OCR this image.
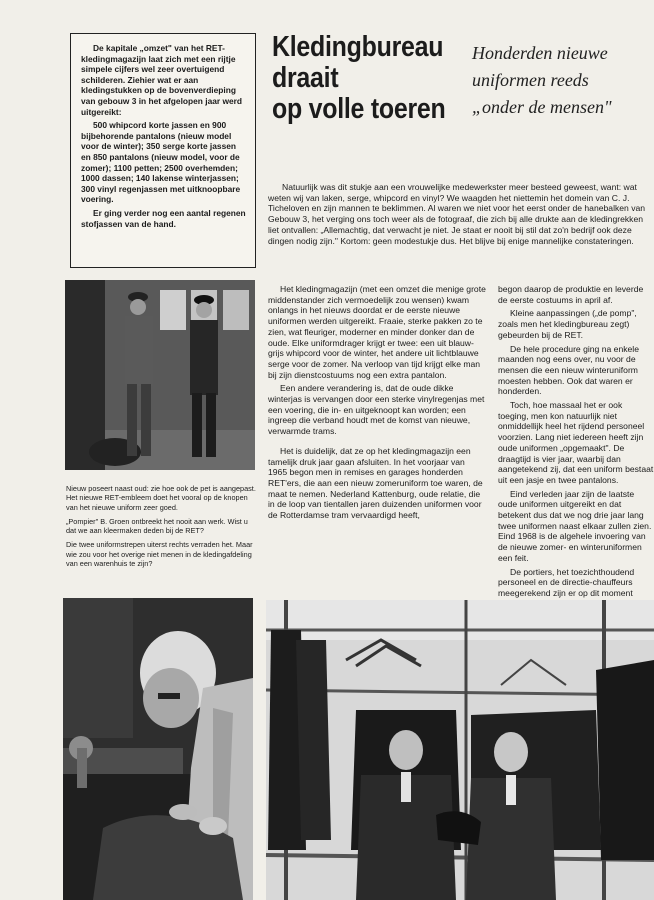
De kapitale „omzet" van het RET-kledingmagazijn laat zich met een rijtje simpele cijfers wel zeer overtuigend schilderen. Ziehier wat er aan kledingstukken op de bovenverdieping van gebouw 3 in het afgelopen jaar werd uitgereikt:

500 whipcord korte jassen en 900 bijbehorende pantalons (nieuw model voor de winter); 350 serge korte jassen en 850 pantalons (nieuw model, voor de zomer); 1100 petten; 2500 overhemden; 1000 dassen; 140 lakense winterjassen; 300 vinyl regenjassen met uitknoopbare voering.

Er ging verder nog een aantal regenen stofjassen van de hand.

Kledingbureau
draait
op volle toeren
Honderden nieuwe
uniformen reeds
„onder de mensen"

Natuurlijk was dit stukje aan een vrouwelijke medewerkster meer besteed geweest, want: wat weten wij van laken, serge, whipcord en vinyl? We waagden het niettemin het domein van C. J. Ticheloven en zijn mannen te beklimmen. Al waren we niet voor het eerst onder de hanebalken van Gebouw 3, het verging ons toch weer als de fotograaf, die zich bij alle drukte aan de kledingrekken liet ontvallen: „Allemachtig, dat verwacht je niet. Je staat er nooit bij stil dat zo'n bedrijf ook deze dingen nodig zijn." Kortom: geen modestukje dus. Het blijve bij enige mannelijke constateringen.

Nieuw poseert naast oud: zie hoe ook de pet is aangepast. Het nieuwe RET-embleem doet het vooral op de knopen van het nieuwe uniform zeer goed.

„Pompier" B. Groen ontbreekt het nooit aan werk. Wist u dat we aan kleermaken deden bij de RET?

Die twee uniformstrepen uiterst rechts verraden het. Maar wie zou voor het overige niet menen in de kledingafdeling van een warenhuis te zijn?

Het kledingmagazijn (met een omzet die menige grote middenstander zich vermoedelijk zou wensen) kwam onlangs in het nieuws doordat er de eerste nieuwe uniformen werden uitgereikt. Fraaie, sterke pakken zo te zien, wat fleuriger, moderner en minder donker dan de oude. Elke uniformdrager krijgt er twee: een uit blauw-grijs whipcord voor de winter, het andere uit lichtblauwe serge voor de zomer. Na verloop van tijd krijgt elke man bij zijn dienstcostuums nog een extra pantalon.

Een andere verandering is, dat de oude dikke winterjas is vervangen door een sterke vinylregenjas met een voering, die in- en uitgeknoopt kan worden; een ingreep die verband houdt met de komst van nieuwe, verwarmde trams.

Het is duidelijk, dat ze op het kledingmagazijn een tamelijk druk jaar gaan afsluiten. In het voorjaar van 1965 begon men in remises en garages honderden RET'ers, die aan een nieuw zomeruniform toe waren, de maat te nemen. Nederland Kattenburg, oude relatie, die in de loop van tientallen jaren duizenden uniformen voor de Rotterdamse tram vervaardigd heeft,

begon daarop de produktie en leverde de eerste costuums in april af.

Kleine aanpassingen („de pomp", zoals men het kledingbureau zegt) gebeurden bij de RET.

De hele procedure ging na enkele maanden nog eens over, nu voor de mensen die een nieuw winteruniform moesten hebben. Ook dat waren er honderden.

Toch, hoe massaal het er ook toeging, men kon natuurlijk niet onmiddellijk heel het rijdend personeel voorzien. Lang niet iedereen heeft zijn oude uniformen „opgemaakt". De draagtijd is vier jaar, waarbij dan aangetekend zij, dat een uniform bestaat uit een jasje en twee pantalons.

Eind verleden jaar zijn de laatste oude uniformen uitgereikt en dat betekent dus dat we nog drie jaar lang twee uniformen naast elkaar zullen zien. Eind 1968 is de algehele invoering van de nieuwe zomer- en winteruniformen een feit.

De portiers, het toezichthoudend personeel en de directie-chauffeurs meegerekend zijn er op dit moment
